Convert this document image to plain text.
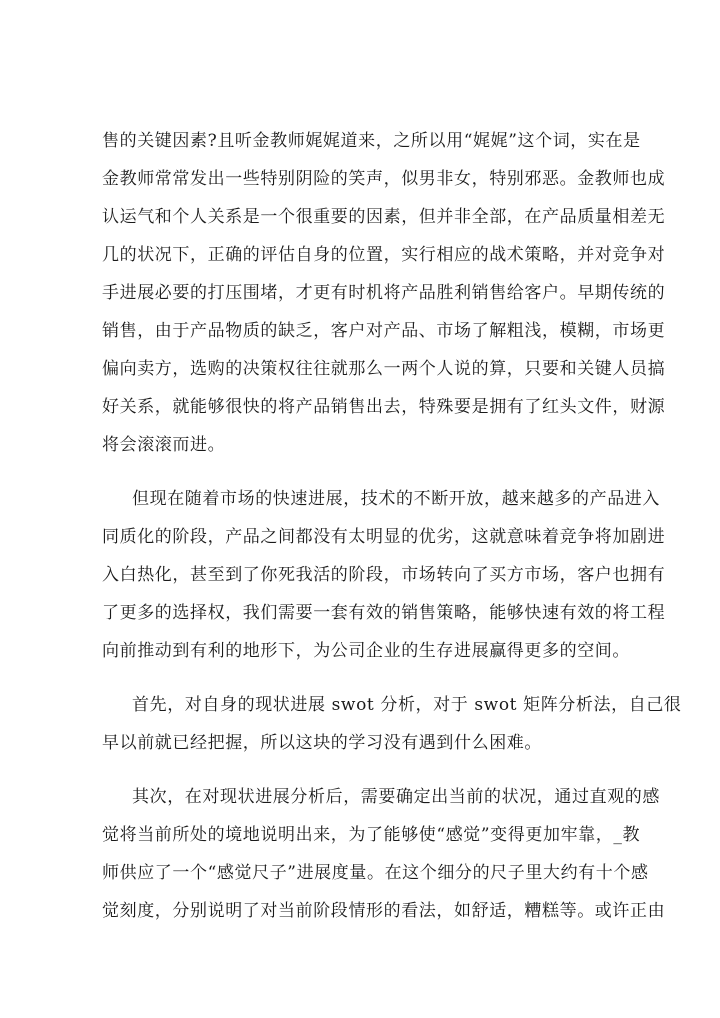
售的关键因素?且听金教师娓娓道来，之所以用“娓娓”这个词，实在是
金教师常常发出一些特别阴险的笑声，似男非女，特别邪恶。金教师也成
认运气和个人关系是一个很重要的因素，但并非全部，在产品质量相差无
几的状况下，正确的评估自身的位置，实行相应的战术策略，并对竞争对
手进展必要的打压围堵，才更有时机将产品胜利销售给客户。早期传统的
销售，由于产品物质的缺乏，客户对产品、市场了解粗浅，模糊，市场更
偏向卖方，选购的决策权往往就那么一两个人说的算，只要和关键人员搞
好关系，就能够很快的将产品销售出去，特殊要是拥有了红头文件，财源
将会滚滚而进。
但现在随着市场的快速进展，技术的不断开放，越来越多的产品进入
同质化的阶段，产品之间都没有太明显的优劣，这就意味着竞争将加剧进
入白热化，甚至到了你死我活的阶段，市场转向了买方市场，客户也拥有
了更多的选择权，我们需要一套有效的销售策略，能够快速有效的将工程
向前推动到有利的地形下，为公司企业的生存进展赢得更多的空间。
首先，对自身的现状进展 swot 分析，对于 swot 矩阵分析法，自己很
早以前就已经把握，所以这块的学习没有遇到什么困难。
其次，在对现状进展分析后，需要确定出当前的状况，通过直观的感
觉将当前所处的境地说明出来，为了能够使“感觉”变得更加牢靠，_教
师供应了一个“感觉尺子”进展度量。在这个细分的尺子里大约有十个感
觉刻度，分别说明了对当前阶段情形的看法，如舒适，糟糕等。或许正由
